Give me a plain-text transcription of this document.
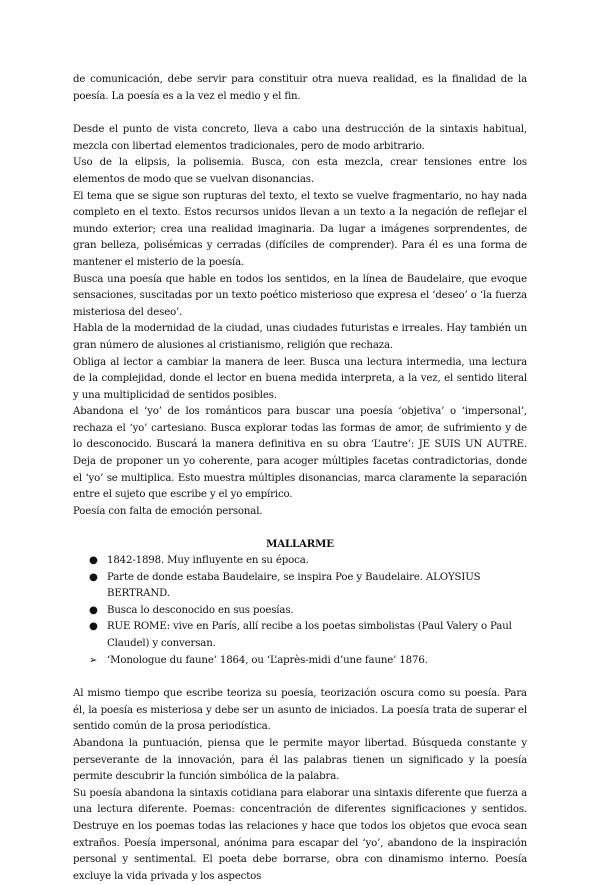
de comunicación, debe servir para constituir otra nueva realidad, es la finalidad de la poesía. La poesía es a la vez el medio y el fin.

Desde el punto de vista concreto, lleva a cabo una destrucción de la sintaxis habitual, mezcla con libertad elementos tradicionales, pero de modo arbitrario.

Uso de la elipsis, la polisemia. Busca, con esta mezcla, crear tensiones entre los elementos de modo que se vuelvan disonancias.

El tema que se sigue son rupturas del texto, el texto se vuelve fragmentario, no hay nada completo en el texto. Estos recursos unidos llevan a un texto a la negación de reflejar el mundo exterior; crea una realidad imaginaria. Da lugar a imágenes sorprendentes, de gran belleza, polisémicas y cerradas (difíciles de comprender). Para él es una forma de mantener el misterio de la poesía.

Busca una poesía que hable en todos los sentidos, en la línea de Baudelaire, que evoque sensaciones, suscitadas por un texto poético misterioso que expresa el ‘deseo’ o ‘la fuerza misteriosa del deseo’.

Habla de la modernidad de la ciudad, unas ciudades futuristas e irreales. Hay también un gran número de alusiones al cristianismo, religión que rechaza.

Obliga al lector a cambiar la manera de leer. Busca una lectura intermedia, una lectura de la complejidad, donde el lector en buena medida interpreta, a la vez, el sentido literal y una multiplicidad de sentidos posibles.

Abandona el ‘yo’ de los románticos para buscar una poesía ‘objetiva’ o ‘impersonal’, rechaza el ‘yo’ cartesiano. Busca explorar todas las formas de amor, de sufrimiento y de lo desconocido. Buscará la manera definitiva en su obra ‘L’autre’: JE SUIS UN AUTRE. Deja de proponer un yo coherente, para acoger múltiples facetas contradictorias, donde el ‘yo’ se multiplica. Esto muestra múltiples disonancias, marca claramente la separación entre el sujeto que escribe y el yo empírico.

Poesía con falta de emoción personal.

MALLARME

● 1842-1898. Muy influyente en su época.
● Parte de donde estaba Baudelaire, se inspira Poe y Baudelaire. ALOYSIUS BERTRAND.
● Busca lo desconocido en sus poesías.
● RUE ROME: vive en París, allí recibe a los poetas simbolistas (Paul Valery o Paul Claudel) y conversan.
➢ ‘Monologue du faune’ 1864, ou ‘L’après-midi d’une faune’ 1876.

Al mismo tiempo que escribe teoriza su poesía, teorización oscura como su poesía. Para él, la poesía es misteriosa y debe ser un asunto de iniciados. La poesía trata de superar el sentido común de la prosa periodística.

Abandona la puntuación, piensa que le permite mayor libertad. Búsqueda constante y perseverante de la innovación, para él las palabras tienen un significado y la poesía permite descubrir la función simbólica de la palabra.

Su poesía abandona la sintaxis cotidiana para elaborar una sintaxis diferente que fuerza a una lectura diferente. Poemas: concentración de diferentes significaciones y sentidos. Destruye en los poemas todas las relaciones y hace que todos los objetos que evoca sean extraños. Poesía impersonal, anónima para escapar del ‘yo’, abandono de la inspiración personal y sentimental. El poeta debe borrarse, obra con dinamismo interno. Poesía excluye la vida privada y los aspectos
